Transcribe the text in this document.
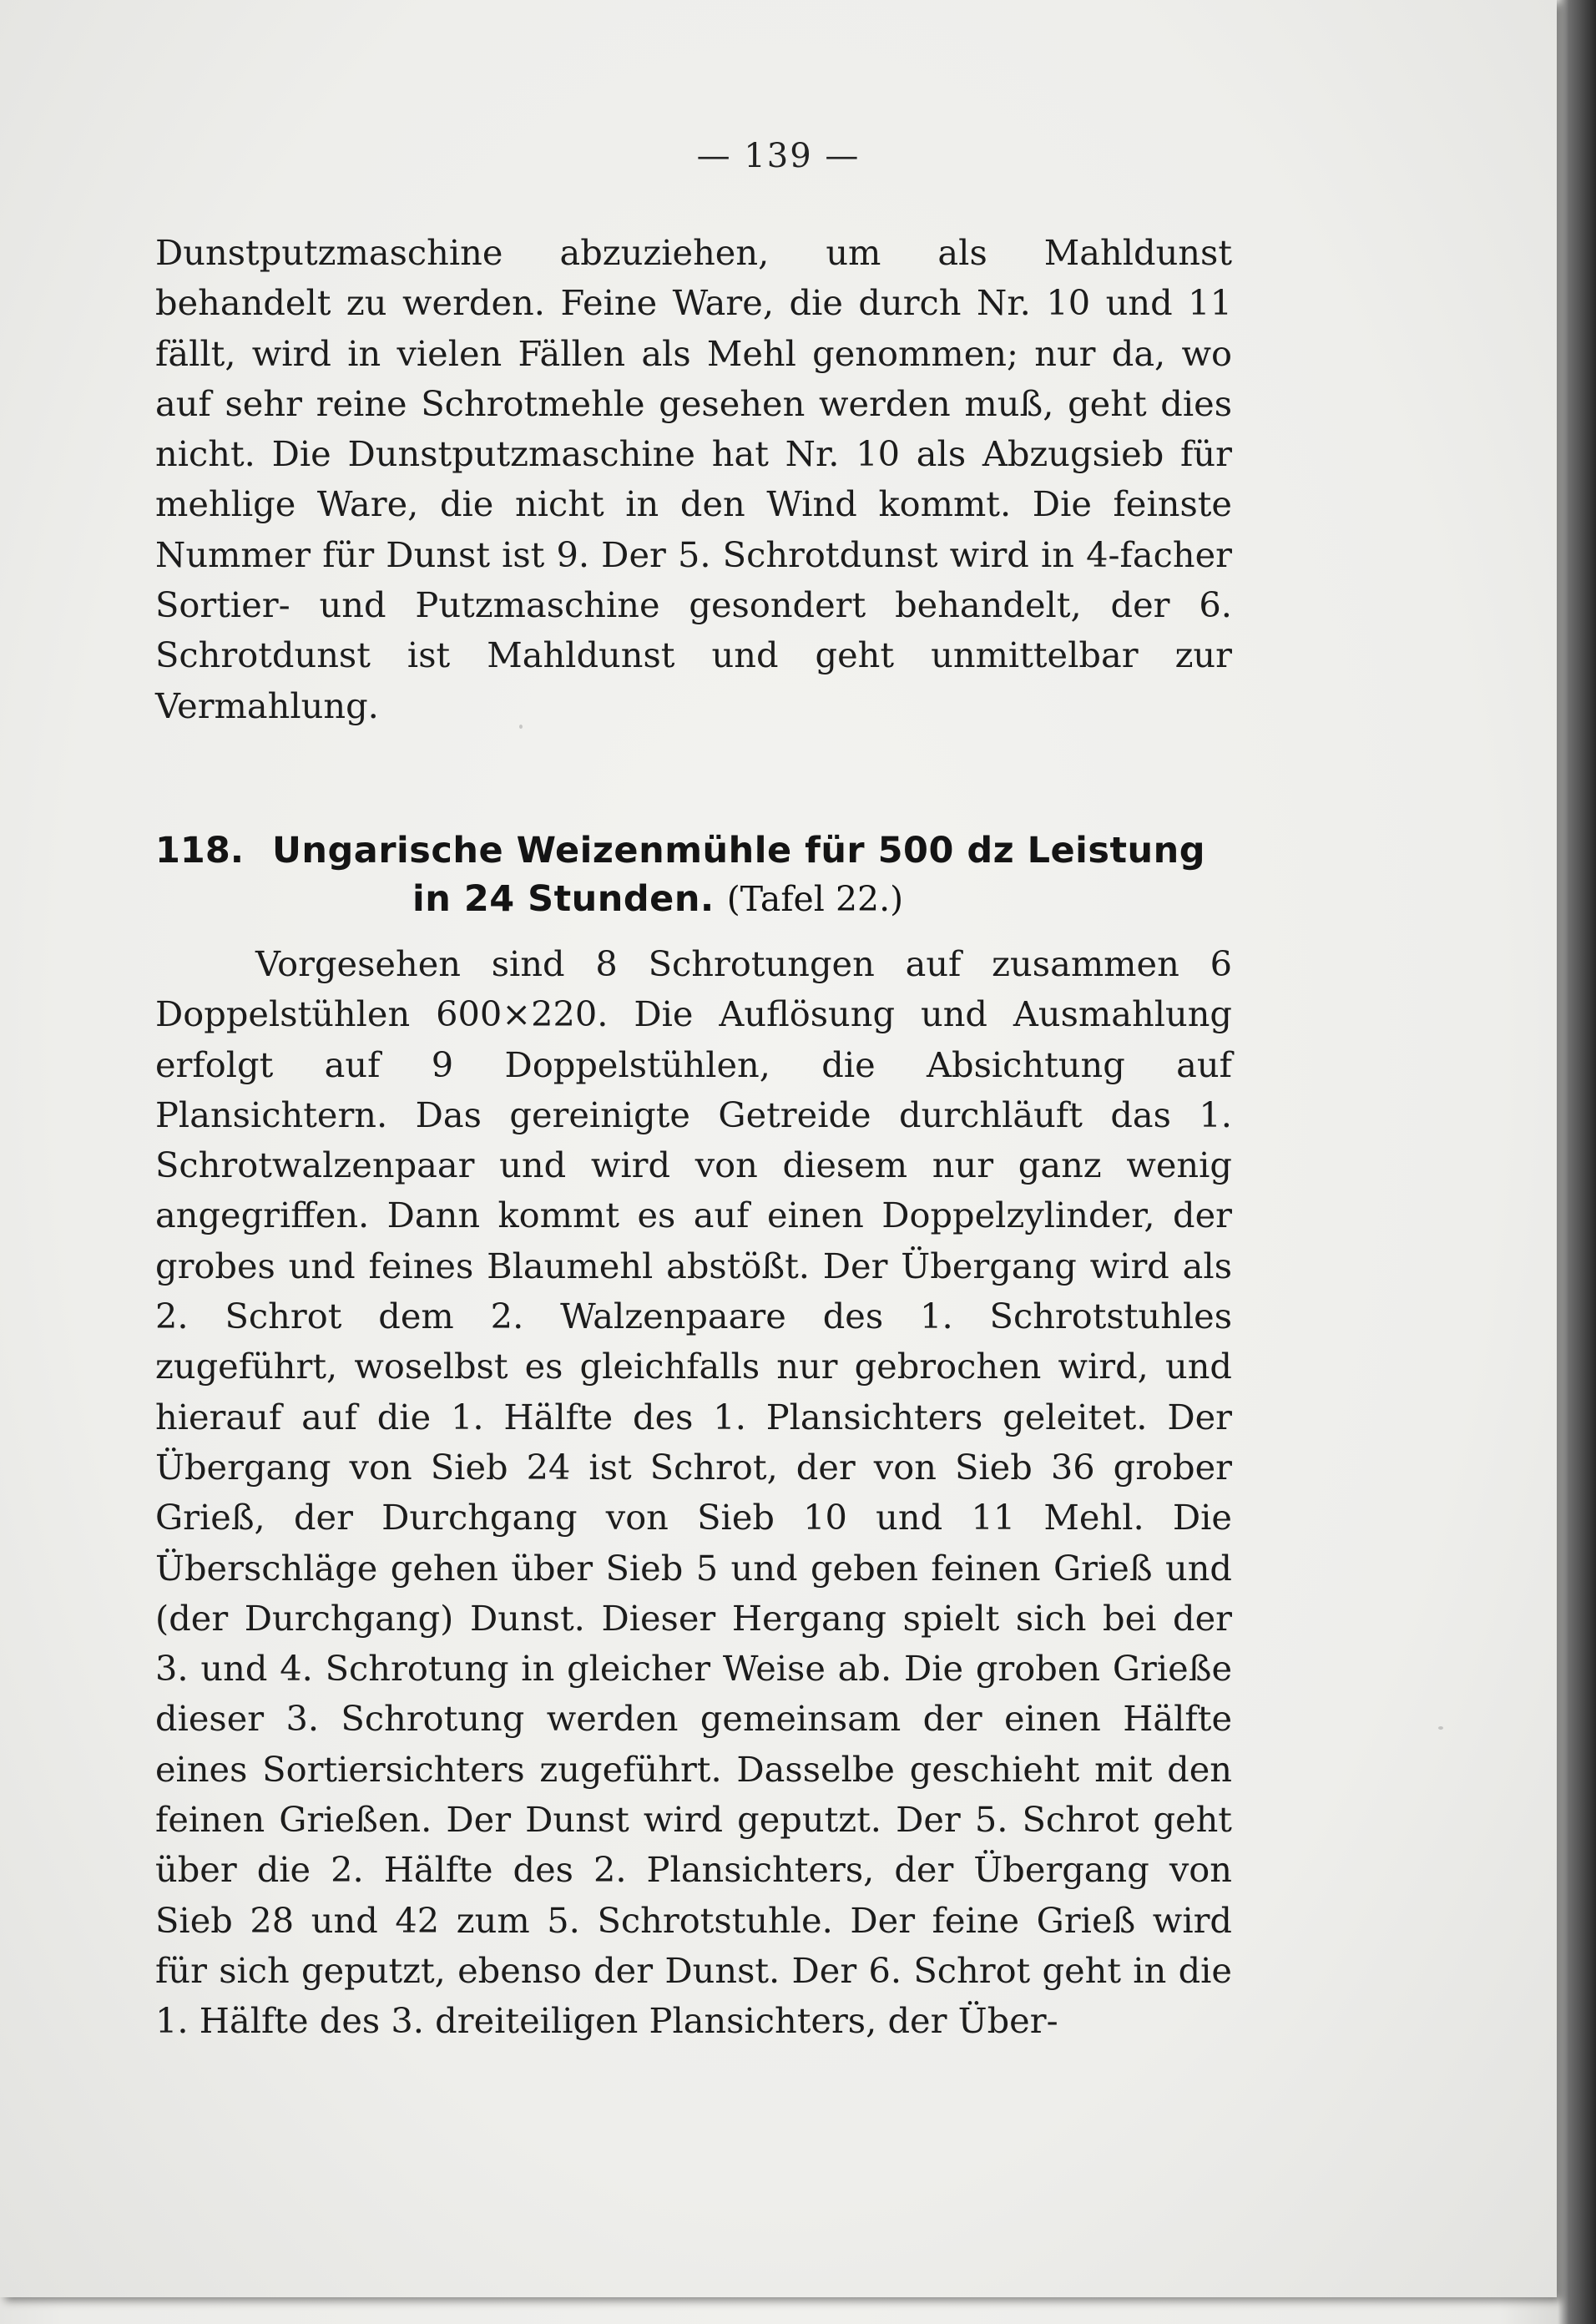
— 139 —

Dunstputzmaschine abzuziehen, um als Mahldunst behandelt zu werden. Feine Ware, die durch Nr. 10 und 11 fällt, wird in vielen Fällen als Mehl genommen; nur da, wo auf sehr reine Schrotmehle gesehen werden muß, geht dies nicht. Die Dunstputzmaschine hat Nr. 10 als Abzugsieb für mehlige Ware, die nicht in den Wind kommt. Die feinste Nummer für Dunst ist 9. Der 5. Schrotdunst wird in 4-facher Sortier- und Putzmaschine gesondert behandelt, der 6. Schrotdunst ist Mahldunst und geht unmittelbar zur Vermahlung.

118. Ungarische Weizenmühle für 500 dz Leistung
in 24 Stunden. (Tafel 22.)

Vorgesehen sind 8 Schrotungen auf zusammen 6 Doppelstühlen 600×220. Die Auflösung und Ausmahlung erfolgt auf 9 Doppelstühlen, die Absichtung auf Plansichtern. Das gereinigte Getreide durchläuft das 1. Schrotwalzenpaar und wird von diesem nur ganz wenig angegriffen. Dann kommt es auf einen Doppelzylinder, der grobes und feines Blaumehl abstößt. Der Übergang wird als 2. Schrot dem 2. Walzenpaare des 1. Schrotstuhles zugeführt, woselbst es gleichfalls nur gebrochen wird, und hierauf auf die 1. Hälfte des 1. Plansichters geleitet. Der Übergang von Sieb 24 ist Schrot, der von Sieb 36 grober Grieß, der Durchgang von Sieb 10 und 11 Mehl. Die Überschläge gehen über Sieb 5 und geben feinen Grieß und (der Durchgang) Dunst. Dieser Hergang spielt sich bei der 3. und 4. Schrotung in gleicher Weise ab. Die groben Grieße dieser 3. Schrotung werden gemeinsam der einen Hälfte eines Sortiersichters zugeführt. Dasselbe geschieht mit den feinen Grießen. Der Dunst wird geputzt. Der 5. Schrot geht über die 2. Hälfte des 2. Plansichters, der Übergang von Sieb 28 und 42 zum 5. Schrotstuhle. Der feine Grieß wird für sich geputzt, ebenso der Dunst. Der 6. Schrot geht in die 1. Hälfte des 3. dreiteiligen Plansichters, der Über-
